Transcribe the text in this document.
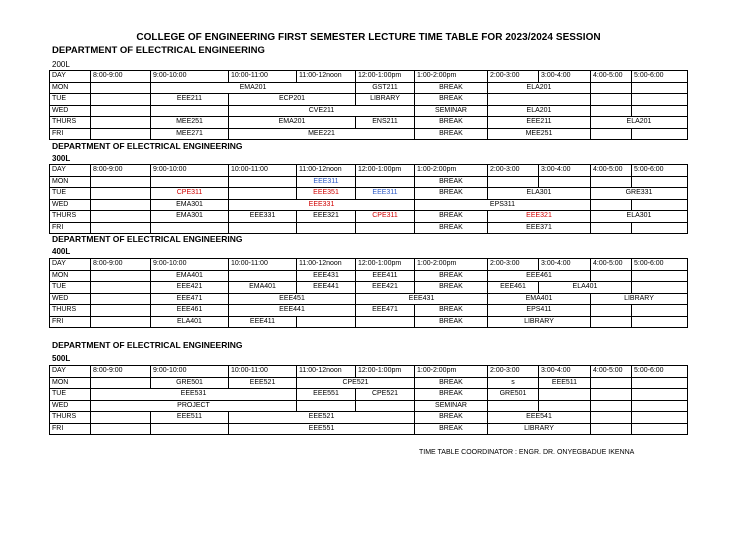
COLLEGE OF ENGINEERING FIRST SEMESTER LECTURE TIME TABLE FOR 2023/2024 SESSION
DEPARTMENT OF ELECTRICAL ENGINEERING
200L
DAY	8:00-9:00	9:00-10:00	10:00-11:00	11:00-12noon	12:00-1:00pm	1:00-2:00pm	2:00-3:00	3:00-4:00	4:00-5:00	5:00-6:00
MON		EMA201			GST211	BREAK	ELA201			
TUE		EEE211	ECP201		LIBRARY	BREAK				
WED			CVE211			SEMINAR	ELA201			
THURS		MEE251	EMA201		ENS211	BREAK	EEE211		ELA201	
FRI		MEE271	MEE221			BREAK	MEE251			
DEPARTMENT OF ELECTRICAL ENGINEERING
300L
DAY	8:00-9:00	9:00-10:00	10:00-11:00	11:00-12noon	12:00-1:00pm	1:00-2:00pm	2:00-3:00	3:00-4:00	4:00-5:00	5:00-6:00
MON				EEE311		BREAK				
TUE		CPE311		EEE351	EEE311	BREAK	ELA301		GRE331	
WED		EMA301	EEE331			EPS311				
THURS		EMA301	EEE331	EEE321	CPE311	BREAK	EEE321		ELA301	
FRI						BREAK	EEE371			
DEPARTMENT OF ELECTRICAL ENGINEERING
400L
DAY	8:00-9:00	9:00-10:00	10:00-11:00	11:00-12noon	12:00-1:00pm	1:00-2:00pm	2:00-3:00	3:00-4:00	4:00-5:00	5:00-6:00
MON		EMA401		EEE431	EEE411	BREAK	EEE461			
TUE		EEE421	EMA401	EEE441	EEE421	BREAK	EEE461	ELA401		
WED		EEE471	EEE451		EEE431		EMA401		LIBRARY	
THURS		EEE461	EEE441		EEE471	BREAK	EPS411			
FRI		ELA401	EEE411			BREAK	LIBRARY			
DEPARTMENT OF ELECTRICAL ENGINEERING
500L
DAY	8:00-9:00	9:00-10:00	10:00-11:00	11:00-12noon	12:00-1:00pm	1:00-2:00pm	2:00-3:00	3:00-4:00	4:00-5:00	5:00-6:00
MON		GRE501	EEE521	CPE521		BREAK	s	EEE511		
TUE	EEE531			EEE551	CPE521	BREAK	GRE501			
WED	PROJECT					SEMINAR				
THURS		EEE511	EEE521			BREAK	EEE541			
FRI			EEE551			BREAK	LIBRARY			
TIME TABLE COORDINATOR : ENGR. DR. ONYEGBADUE IKENNA
